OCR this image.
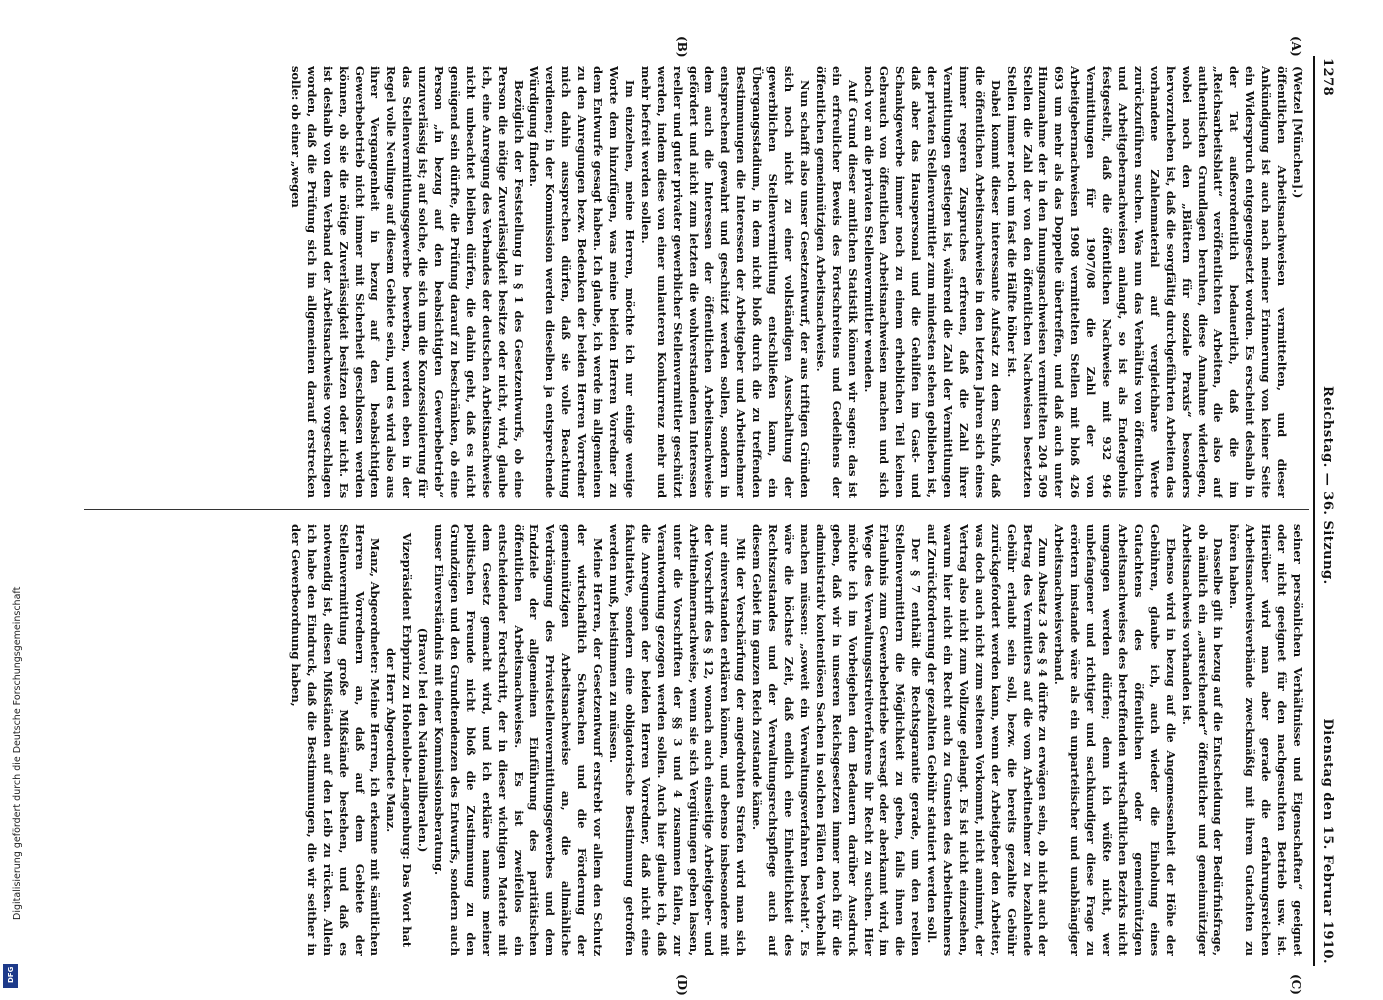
Digitalisierung gefördert durch die Deutsche Forschungsgemeinschaft
DFG
1278
Reichstag. — 36. Sitzung.
Dienstag den 15. Februar 1910.
(A)
(B)
(C)
(D)

(Wetzel [München].)

öffentlichen Arbeitsnachweisen vermittelten, und dieser Ankündigung ist auch nach meiner Erinnerung von keiner Seite ein Widerspruch entgegengesetzt worden. Es erscheint deshalb in der Tat außerordentlich bedauerlich, daß die im „Reichsarbeitsblatt“ veröffentlichten Arbeiten, die also auf authentischen Grundlagen beruhen, diese Annahme widerlegen, wobei noch den „Blättern für soziale Praxis“ besonders hervorzuheben ist, daß die sorgfältig durchgeführten Arbeiten das vorhandene Zahlenmaterial auf vergleichbare Werte zurückzuführen suchen. Was nun das Verhältnis von öffentlichen und Arbeitgebernachweisen anlangt, so ist als Endergebnis festgestellt, daß die öffentlichen Nachweise mit 932 946 Vermittlungen für 1907/08 die Zahl der von Arbeitgebernachweisen 1908 vermittelten Stellen mit bloß 426 693 um mehr als das Doppelte übertreffen, und daß auch unter Hinzunahme der in den Innungsnachweisen vermittelten 204 509 Stellen die Zahl der von den öffentlichen Nachweisen besetzten Stellen immer noch um fast die Hälfte höher ist.

Dabei kommt dieser interessante Aufsatz zu dem Schluß, daß die öffentlichen Arbeitsnachweise in den letzten Jahren sich eines immer regeren Zuspruches erfreuen, daß die Zahl ihrer Vermittlungen gestiegen ist, während die Zahl der Vermittlungen der privaten Stellenvermittler zum mindesten stehen geblieben ist, daß aber das Hauspersonal und die Gehilfen im Gast- und Schankgewerbe immer noch zu einem erheblichen Teil keinen Gebrauch von öffentlichen Arbeitsnachweisen machen und sich noch vor an die privaten Stellenvermittler wenden.

Auf Grund dieser amtlichen Statistik können wir sagen: das ist ein erfreulicher Beweis des Fortschreitens und Gedeihens der öffentlichen gemeinnützigen Arbeitsnachweise.

Nun schafft also unser Gesetzentwurf, der aus triftigen Gründen sich noch nicht zu einer vollständigen Ausschaltung der gewerblichen Stellenvermittlung entschließen kann, ein Übergangsstadium, in dem nicht bloß durch die zu treffenden Bestimmungen die Interessen der Arbeitgeber und Arbeitnehmer entsprechend gewahrt und geschützt werden sollen, sondern in dem auch die Interessen der öffentlichen Arbeitsnachweise gefördert und nicht zum letzten die wohlverstandenen Interessen reeller und guter privater gewerblicher Stellenvermittler geschützt werden, indem diese von einer unlauteren Konkurrenz mehr und mehr befreit werden sollen.

Im einzelnen, meine Herren, möchte ich nur einige wenige Worte dem hinzufügen, was meine beiden Herren Vorredner zu dem Entwurfe gesagt haben. Ich glaube, ich werde im allgemeinen zu den Anregungen bezw. Bedenken der beiden Herren Vorredner mich dahin aussprechen dürfen, daß sie volle Beachtung verdienen; in der Kommission werden dieselben ja entsprechende Würdigung finden.

Bezüglich der Feststellung in § 1 des Gesetzentwurfs, ob eine Person die nötige Zuverlässigkeit besitze oder nicht, wird, glaube ich, eine Anregung des Verbandes der deutschen Arbeitsnachweise nicht unbeachtet bleiben dürfen, die dahin geht, daß es nicht genügend sein dürfte, die Prüfung darauf zu beschränken, ob eine Person „in bezug auf den beabsichtigten Gewerbebetrieb“ unzuverlässig ist; auf solche, die sich um die Konzessionierung für das Stellenvermittlungsgewerbe bewerben, werden eben in der Regel volle Neulinge auf diesem Gebiete sein, und es wird also aus ihrer Vergangenheit in bezug auf den beabsichtigten Gewerbebetrieb nicht immer mit Sicherheit geschlossen werden können, ob sie die nötige Zuverlässigkeit besitzen oder nicht. Es ist deshalb von dem Verband der Arbeitsnachweise vorgeschlagen worden, daß die Prüfung sich im allgemeinen darauf erstrecken solle: ob einer „wegen

seiner persönlichen Verhältnisse und Eigenschaften“ geeignet oder nicht geeignet für den nachgesuchten Betrieb usw. ist. Hierüber wird man aber gerade die erfahrungsreichen Arbeitsnachweisverbände zweckmäßig mit ihrem Gutachten zu hören haben.

Dasselbe gilt in bezug auf die Entscheidung der Bedürfnisfrage, ob nämlich ein „ausreichender“ öffentlicher und gemeinnütziger Arbeitsnachweis vorhanden ist.

Ebenso wird in bezug auf die Angemessenheit der Höhe der Gebühren, glaube ich, auch wieder die Einholung eines Gutachtens des öffentlichen oder gemeinnützigen Arbeitsnachweises des betreffenden wirtschaftlichen Bezirks nicht umgangen werden dürfen; denn ich wüßte nicht, wer unbefangener und richtiger und sachkundiger diese Frage zu erörtern imstande wäre als ein unparteiischer und unabhängiger Arbeitsnachweisverband.

Zum Absatz 3 des § 4 dürfte zu erwägen sein, ob nicht auch der Betrag des Vermittlers auf die vom Arbeitnehmer zu bezahlende Gebühr erlaubt sein soll, bezw. die bereits gezahlte Gebühr zurückgefordert werden kann, wenn der Arbeitgeber den Arbeiter, was doch auch nicht zum seltenen Vorkommt, nicht annimmt, der Vertrag also nicht zum Vollzuge gelangt. Es ist nicht einzusehen, warum hier nicht ein Recht auch zu Gunsten des Arbeitnehmers auf Zurückforderung der gezahlten Gebühr statuiert werden soll.

Der § 7 enthält die Rechtsgarantie gerade, um den reellen Stellenvermittlern die Möglichkeit zu geben, falls ihnen die Erlaubnis zum Gewerbebetriebe versagt oder aberkannt wird, im Wege des Verwaltungsstreitverfahrens ihr Recht zu suchen. Hier möchte ich im Vorbeigehen dem Bedauern darüber Ausdruck geben, daß wir in unseren Reichsgesetzen immer noch für die administrativ kontentiösen Sachen in solchen Fällen den Vorbehalt machen müssen: „soweit ein Verwaltungsverfahren besteht“. Es wäre die höchste Zeit, daß endlich eine Einheitlichkeit des Rechtszustandes und der Verwaltungsrechtspflege auch auf diesem Gebiet im ganzen Reich zustande käme.

Mit der Verschärfung der angedrohten Strafen wird man sich nur einverstanden erklären können, und ebenso insbesondere mit der Vorschrift des § 12, wonach auch einseitige Arbeitgeber- und Arbeitnehmernachweise, wenn sie sich Vergütungen geben lassen, unter die Vorschriften der §§ 3 und 4 zusammen fallen, zur Verantwortung gezogen werden sollen. Auch hier glaube ich, daß die Anregungen der beiden Herren Vorredner, daß nicht eine fakultative, sondern eine obligatorische Bestimmung getroffen werden muß, beistimmen zu müssen.

Meine Herren, der Gesetzentwurf erstrebt vor allem den Schutz der wirtschaftlich Schwachen und die Förderung der gemeinnützigen Arbeitsnachweise an, die allmähliche Verdrängung des Privatstellenvermittlungsgewerbes und dem Endziele der allgemeinen Einführung des paritätischen öffentlichen Arbeitsnachweises. Es ist zweifellos ein entscheidender Fortschritt, der in dieser wichtigen Materie mit dem Gesetz gemacht wird, und ich erkläre namens meiner politischen Freunde nicht bloß die Zustimmung zu den Grundzügen und den Grundtendenzen des Entwurfs, sondern auch unser Einverständnis mit einer Kommissionsberatung.

(Bravo! bei den Nationalliberalen.)

Vizepräsident Erbprinz zu Hohenlohe-Langenburg: Das Wort hat der Herr Abgeordnete Manz.

Manz, Abgeordneter: Meine Herren, ich erkenne mit sämtlichen Herren Vorrednern an, daß auf dem Gebiete der Stellenvermittlung große Mißstände bestehen, und daß es notwendig ist, diesen Mißständen auf den Leib zu rücken. Allein ich habe den Eindruck, daß die Bestimmungen, die wir seither in der Gewerbeordnung haben,
